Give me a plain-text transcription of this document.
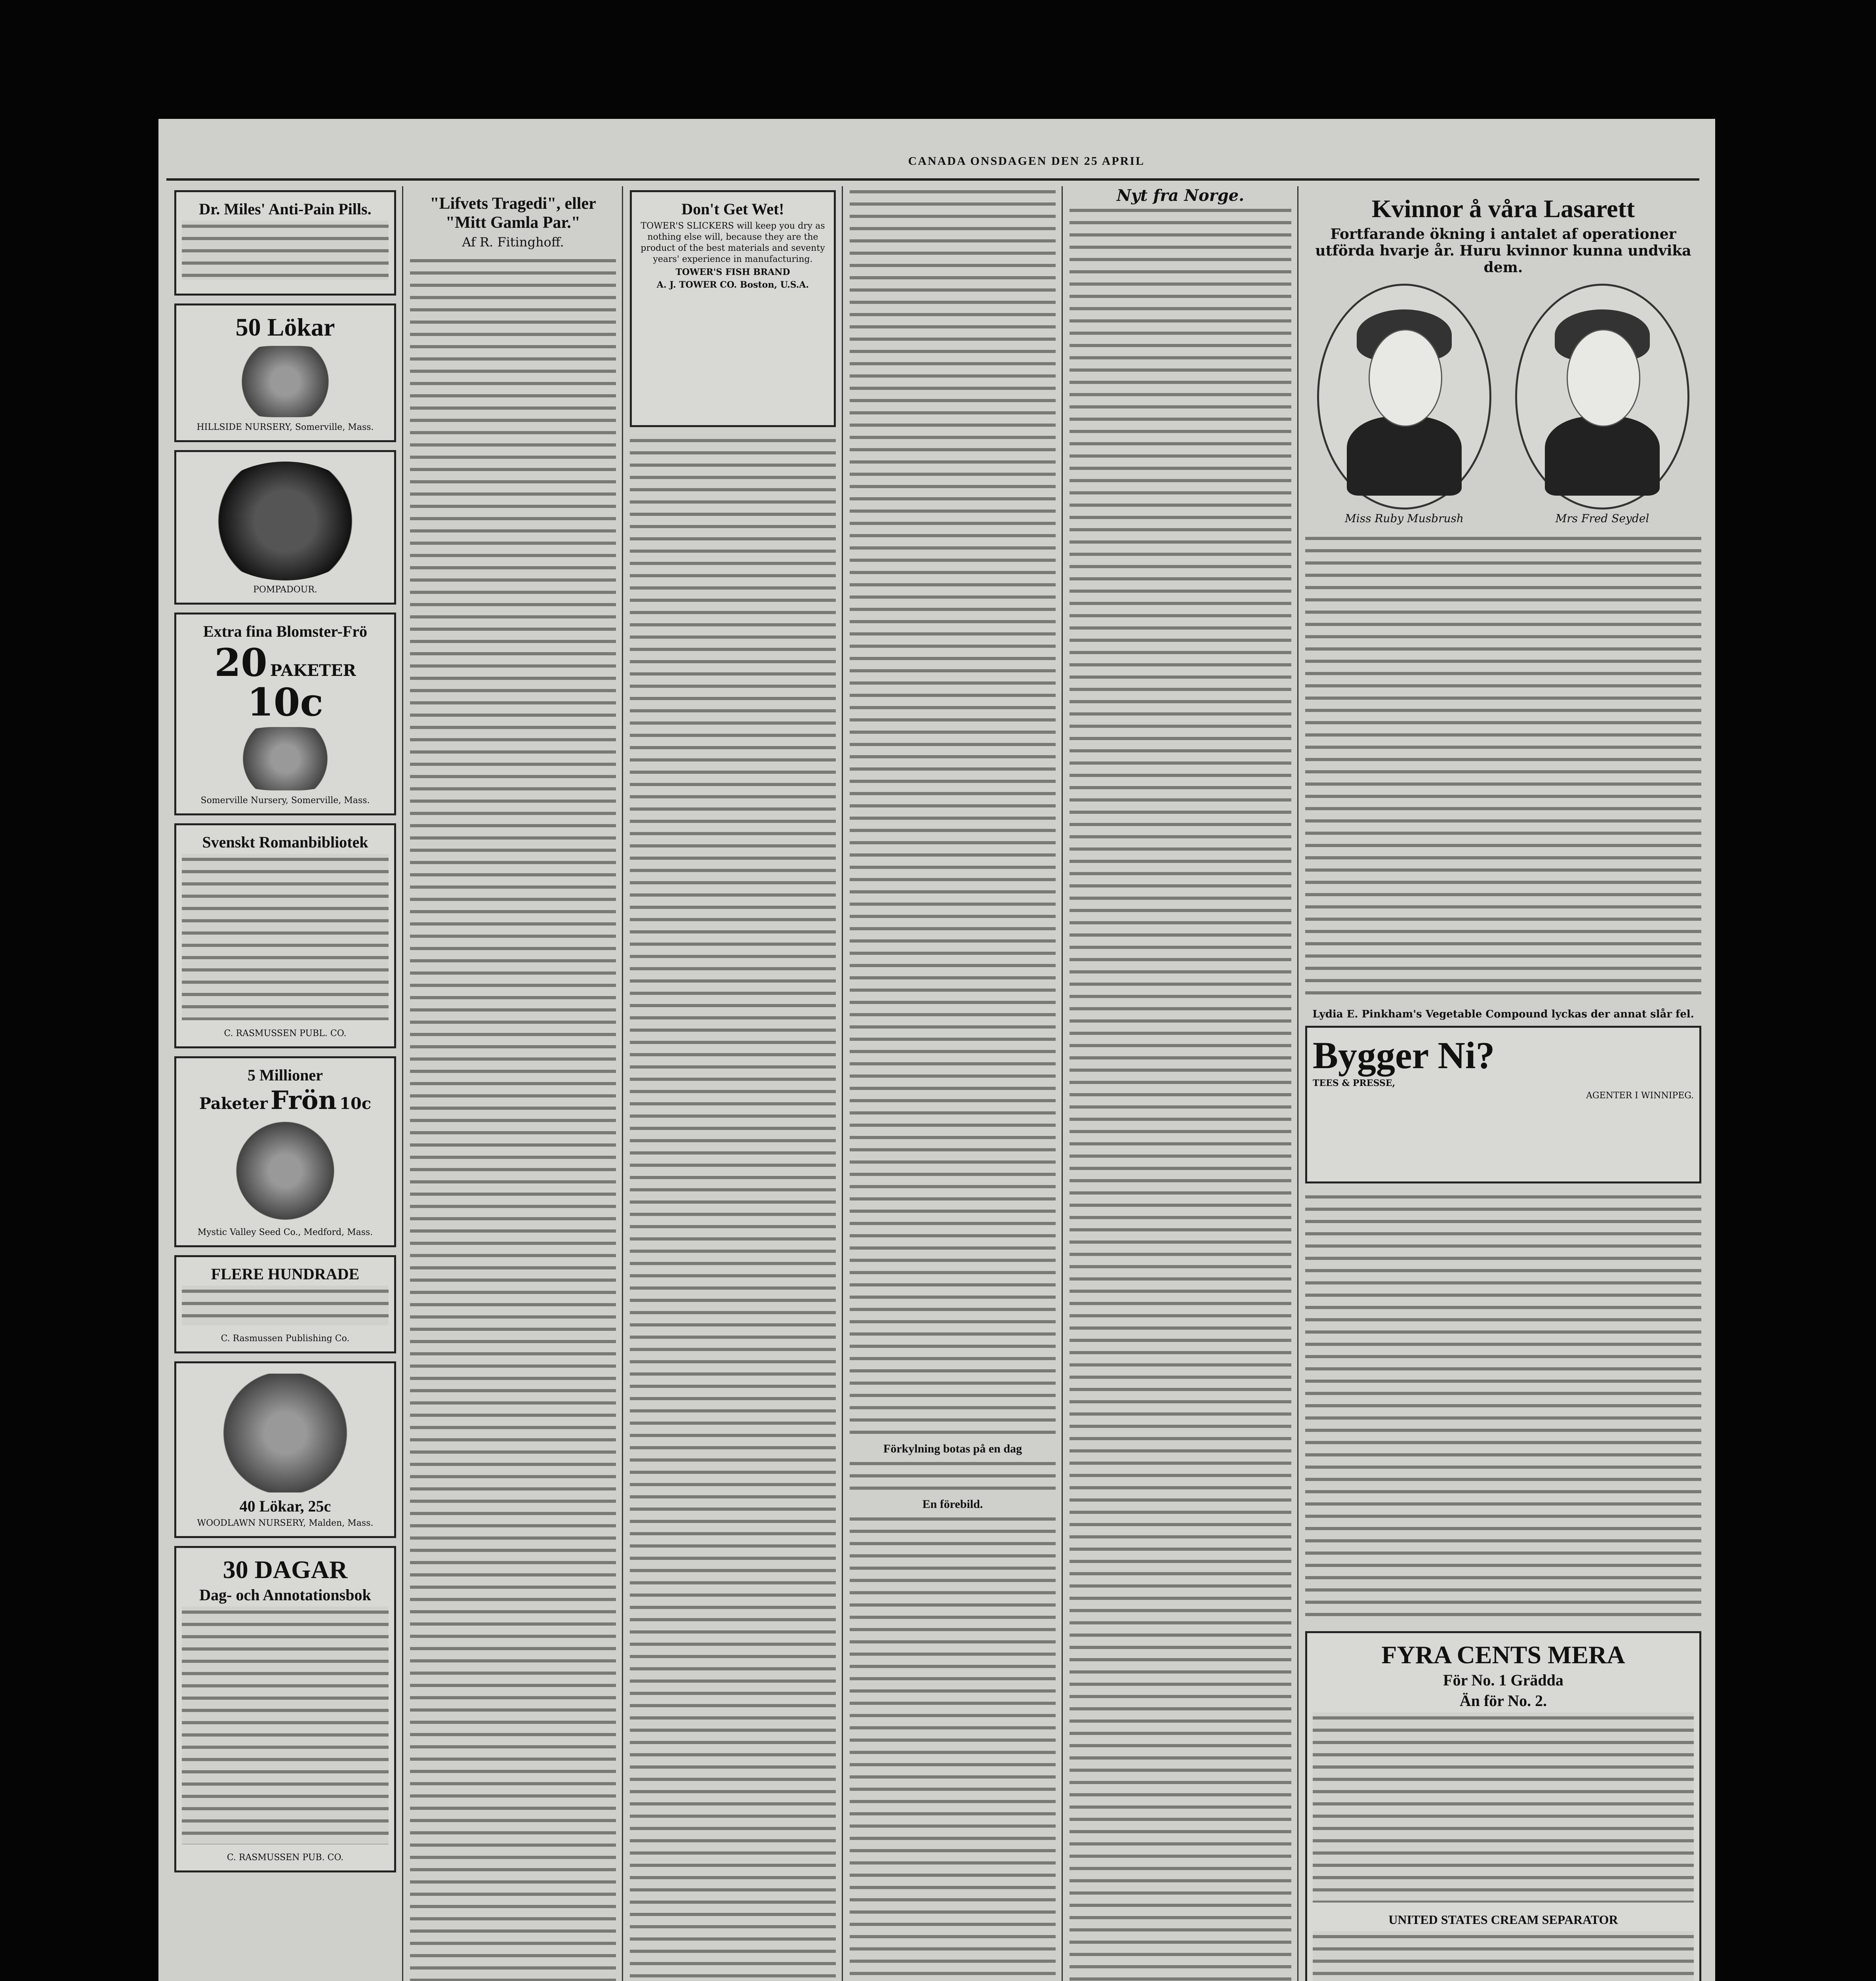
CANADA ONSDAGEN DEN 25 APRIL
Dr. Miles' Anti-Pain Pills.
50 Lökar

HILLSIDE NURSERY, Somerville, Mass.

POMPADOUR.

Extra fina Blomster-Frö

20 PAKETER 10c

Somerville Nursery, Somerville, Mass.

Svenskt Romanbibliotek

C. RASMUSSEN PUBL. CO.

5 Millioner

Paketer Frön 10c

Mystic Valley Seed Co., Medford, Mass.

FLERE HUNDRADE

C. Rasmussen Publishing Co.

40 Lökar, 25c

WOODLAWN NURSERY, Malden, Mass.

30 DAGAR
Dag- och Annotationsbok

C. RASMUSSEN PUB. CO.

"Lifvets Tragedi", eller "Mitt Gamla Par."
Af R. Fitinghoff.
Don't Get Wet!

TOWER'S SLICKERS will keep you dry as nothing else will, because they are the product of the best materials and seventy years' experience in manufacturing.

TOWER'S FISH BRAND

A. J. TOWER CO. Boston, U.S.A.

Förkylning botas på en dag
En förebild.
Nyt fra Norge.	Kvinnor å våra Lasarett
Fortfarande ökning i antalet af operationer utförda hvarje år. Huru kvinnor kunna undvika dem.
Miss Ruby Musbrush	Mrs Fred Seydel
Lydia E. Pinkham's Vegetable Compound lyckas der annat slår fel.
Bygger Ni?

TEES & PRESSE,

AGENTER I WINNIPEG.

FYRA CENTS MERA
För No. 1 Grädda
Än för No. 2.
UNITED STATES CREAM SEPARATOR
